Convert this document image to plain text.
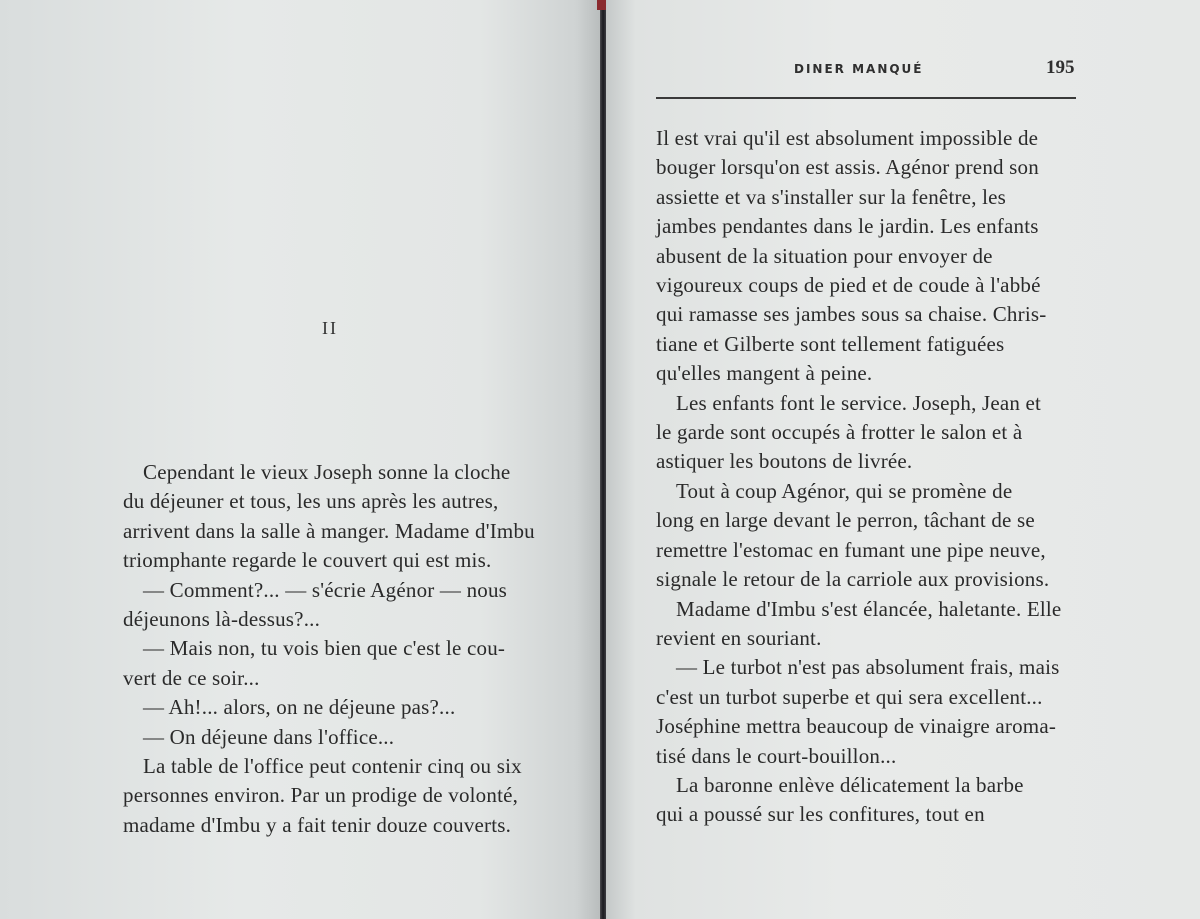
II

Cependant le vieux Joseph sonne la cloche
du déjeuner et tous, les uns après les autres,
arrivent dans la salle à manger. Madame d'Imbu
triomphante regarde le couvert qui est mis.

— Comment?... — s'écrie Agénor — nous
déjeunons là-dessus?...

— Mais non, tu vois bien que c'est le cou-
vert de ce soir...

— Ah!... alors, on ne déjeune pas?...

— On déjeune dans l'office...

La table de l'office peut contenir cinq ou six
personnes environ. Par un prodige de volonté,
madame d'Imbu y a fait tenir douze couverts.

DINER MANQUÉ	195

Il est vrai qu'il est absolument impossible de
bouger lorsqu'on est assis. Agénor prend son
assiette et va s'installer sur la fenêtre, les
jambes pendantes dans le jardin. Les enfants
abusent de la situation pour envoyer de
vigoureux coups de pied et de coude à l'abbé
qui ramasse ses jambes sous sa chaise. Chris-
tiane et Gilberte sont tellement fatiguées
qu'elles mangent à peine.

Les enfants font le service. Joseph, Jean et
le garde sont occupés à frotter le salon et à
astiquer les boutons de livrée.

Tout à coup Agénor, qui se promène de
long en large devant le perron, tâchant de se
remettre l'estomac en fumant une pipe neuve,
signale le retour de la carriole aux provisions.

Madame d'Imbu s'est élancée, haletante. Elle
revient en souriant.

— Le turbot n'est pas absolument frais, mais
c'est un turbot superbe et qui sera excellent...
Joséphine mettra beaucoup de vinaigre aroma-
tisé dans le court-bouillon...

La baronne enlève délicatement la barbe
qui a poussé sur les confitures, tout en
